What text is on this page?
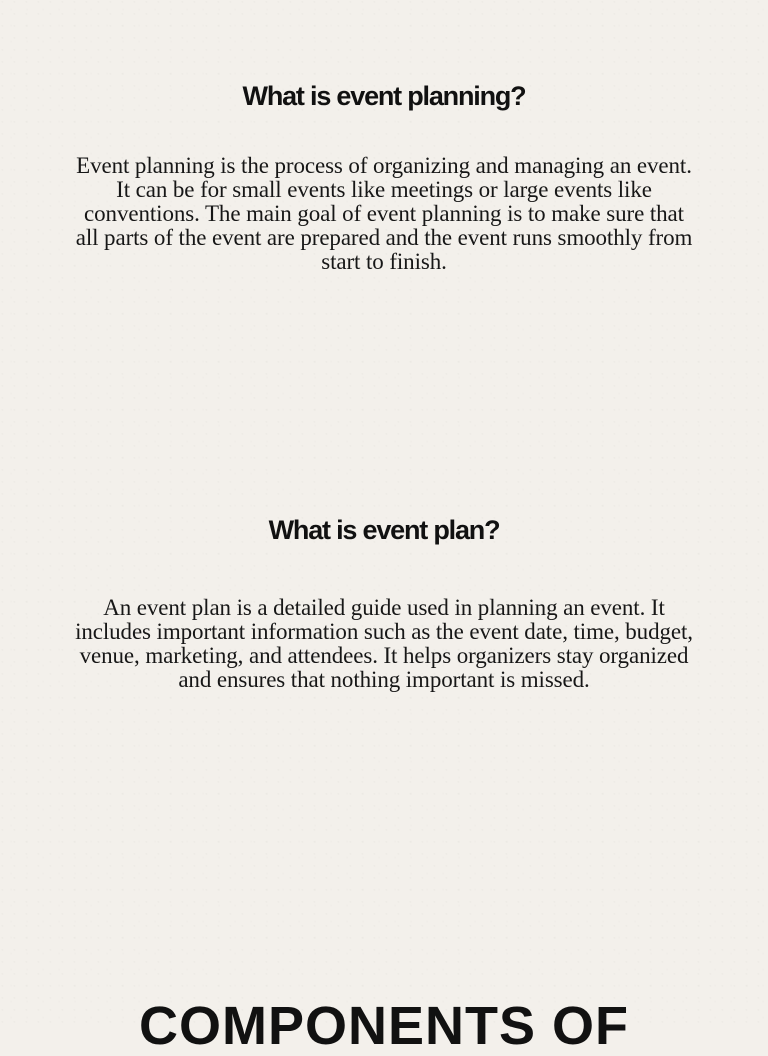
What is event planning?

Event planning is the process of organizing and managing an event. It can be for small events like meetings or large events like conventions. The main goal of event planning is to make sure that all parts of the event are prepared and the event runs smoothly from start to finish.

What is event plan?

An event plan is a detailed guide used in planning an event. It includes important information such as the event date, time, budget, venue, marketing, and attendees. It helps organizers stay organized and ensures that nothing important is missed.

COMPONENTS OF
